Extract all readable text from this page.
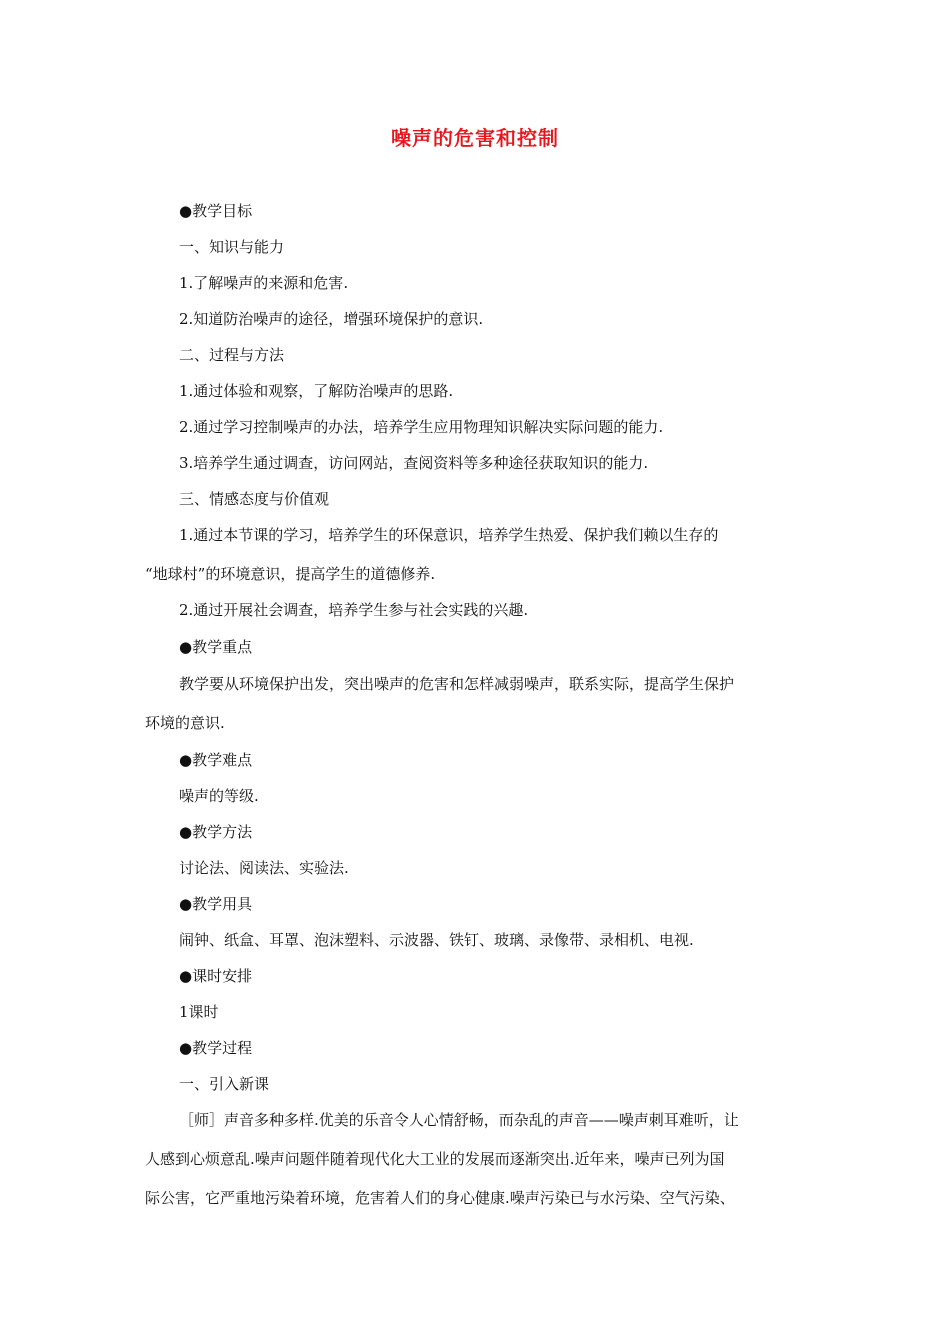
噪声的危害和控制
●教学目标
一、知识与能力
1.了解噪声的来源和危害.
2.知道防治噪声的途径，增强环境保护的意识.
二、过程与方法
1.通过体验和观察，了解防治噪声的思路.
2.通过学习控制噪声的办法，培养学生应用物理知识解决实际问题的能力.
3.培养学生通过调查，访问网站，查阅资料等多种途径获取知识的能力.
三、情感态度与价值观
1.通过本节课的学习，培养学生的环保意识，培养学生热爱、保护我们赖以生存的
“地球村”的环境意识，提高学生的道德修养.
2.通过开展社会调查，培养学生参与社会实践的兴趣.
●教学重点
教学要从环境保护出发，突出噪声的危害和怎样减弱噪声，联系实际，提高学生保护
环境的意识.
●教学难点
噪声的等级.
●教学方法
讨论法、阅读法、实验法.
●教学用具
闹钟、纸盒、耳罩、泡沫塑料、示波器、铁钉、玻璃、录像带、录相机、电视.
●课时安排
1课时
●教学过程
一、引入新课
［师］声音多种多样.优美的乐音令人心情舒畅，而杂乱的声音——噪声刺耳难听，让
人感到心烦意乱.噪声问题伴随着现代化大工业的发展而逐渐突出.近年来，噪声已列为国
际公害，它严重地污染着环境，危害着人们的身心健康.噪声污染已与水污染、空气污染、
